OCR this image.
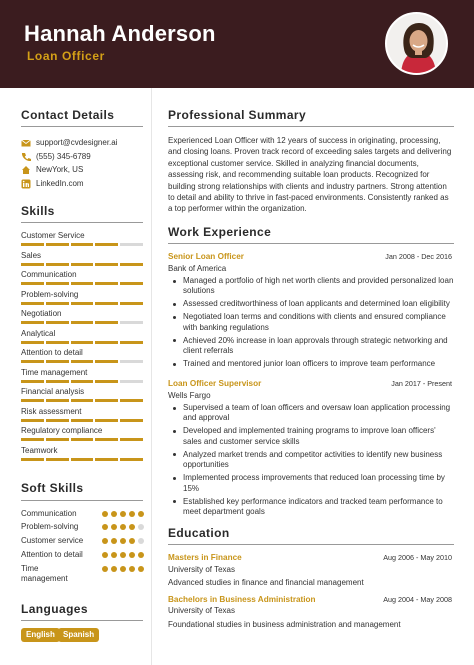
Hannah Anderson
Loan Officer
Contact Details
support@cvdesigner.ai
(555) 345-6789
NewYork, US
LinkedIn.com
Skills
Customer Service
Sales
Communication
Problem-solving
Negotiation
Analytical
Attention to detail
Time management
Financial analysis
Risk assessment
Regulatory compliance
Teamwork
Soft Skills
Communication
Problem-solving
Customer service
Attention to detail
Time management
Languages
English	Spanish
Professional Summary
Experienced Loan Officer with 12 years of success in originating, processing, and closing loans. Proven track record of exceeding sales targets and delivering exceptional customer service. Skilled in analyzing financial documents, assessing risk, and recommending suitable loan products. Recognized for building strong relationships with clients and industry partners. Strong attention to detail and ability to thrive in fast-paced environments. Consistently ranked as a top performer within the organization.
Work Experience
Senior Loan Officer	Jan 2008 - Dec 2016
Bank of America
Managed a portfolio of high net worth clients and provided personalized loan solutions
Assessed creditworthiness of loan applicants and determined loan eligibility
Negotiated loan terms and conditions with clients and ensured compliance with banking regulations
Achieved 20% increase in loan approvals through strategic networking and client referrals
Trained and mentored junior loan officers to improve team performance
Loan Officer Supervisor	Jan 2017 - Present
Wells Fargo
Supervised a team of loan officers and oversaw loan application processing and approval
Developed and implemented training programs to improve loan officers' sales and customer service skills
Analyzed market trends and competitor activities to identify new business opportunities
Implemented process improvements that reduced loan processing time by 15%
Established key performance indicators and tracked team performance to meet department goals
Education
Masters in Finance	Aug 2006 - May 2010
University of Texas
Advanced studies in finance and financial management
Bachelors in Business Administration	Aug 2004 - May 2008
University of Texas
Foundational studies in business administration and management
